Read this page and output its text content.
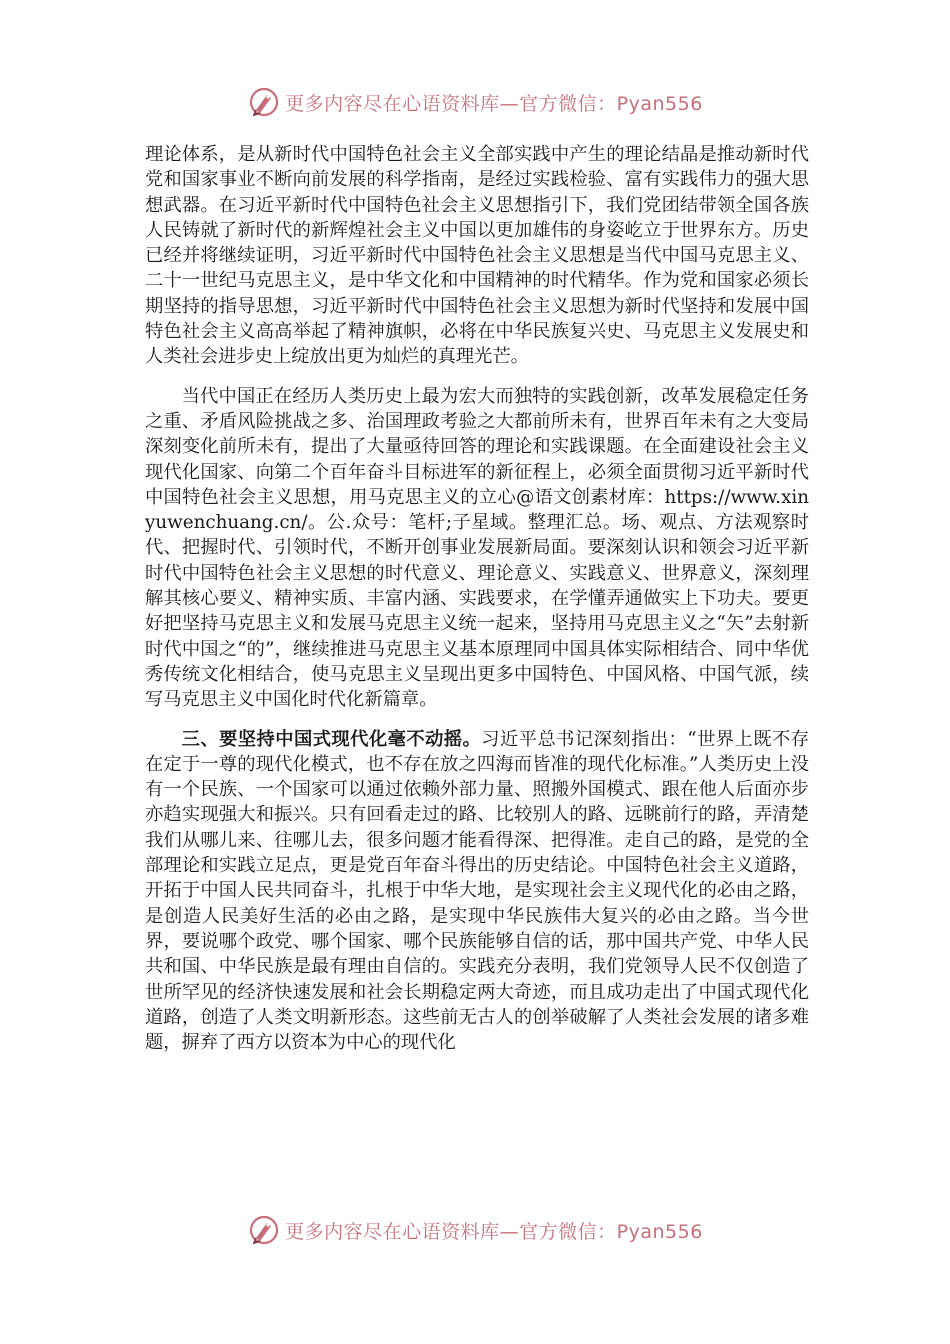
更多内容尽在心语资料库—官方微信：Pyan556

理论体系，是从新时代中国特色社会主义全部实践中产生的理论结晶是推动新时代党和国家事业不断向前发展的科学指南，是经过实践检验、富有实践伟力的强大思想武器。在习近平新时代中国特色社会主义思想指引下，我们党团结带领全国各族人民铸就了新时代的新辉煌社会主义中国以更加雄伟的身姿屹立于世界东方。历史已经并将继续证明，习近平新时代中国特色社会主义思想是当代中国马克思主义、二十一世纪马克思主义，是中华文化和中国精神的时代精华。作为党和国家必须长期坚持的指导思想，习近平新时代中国特色社会主义思想为新时代坚持和发展中国特色社会主义高高举起了精神旗帜，必将在中华民族复兴史、马克思主义发展史和人类社会进步史上绽放出更为灿烂的真理光芒。

当代中国正在经历人类历史上最为宏大而独特的实践创新，改革发展稳定任务之重、矛盾风险挑战之多、治国理政考验之大都前所未有，世界百年未有之大变局深刻变化前所未有，提出了大量亟待回答的理论和实践课题。在全面建设社会主义现代化国家、向第二个百年奋斗目标进军的新征程上，必须全面贯彻习近平新时代中国特色社会主义思想，用马克思主义的立心@语文创素材库：https://www.xinyuwenchuang.cn/。公.众号：笔杆;子星域。整理汇总。场、观点、方法观察时代、把握时代、引领时代，不断开创事业发展新局面。要深刻认识和领会习近平新时代中国特色社会主义思想的时代意义、理论意义、实践意义、世界意义，深刻理解其核心要义、精神实质、丰富内涵、实践要求，在学懂弄通做实上下功夫。要更好把坚持马克思主义和发展马克思主义统一起来，坚持用马克思主义之“矢”去射新时代中国之“的”，继续推进马克思主义基本原理同中国具体实际相结合、同中华优秀传统文化相结合，使马克思主义呈现出更多中国特色、中国风格、中国气派，续写马克思主义中国化时代化新篇章。

三、要坚持中国式现代化毫不动摇。习近平总书记深刻指出：“世界上既不存在定于一尊的现代化模式，也不存在放之四海而皆准的现代化标准。”人类历史上没有一个民族、一个国家可以通过依赖外部力量、照搬外国模式、跟在他人后面亦步亦趋实现强大和振兴。只有回看走过的路、比较别人的路、远眺前行的路，弄清楚我们从哪儿来、往哪儿去，很多问题才能看得深、把得准。走自己的路，是党的全部理论和实践立足点，更是党百年奋斗得出的历史结论。中国特色社会主义道路，开拓于中国人民共同奋斗，扎根于中华大地，是实现社会主义现代化的必由之路，是创造人民美好生活的必由之路，是实现中华民族伟大复兴的必由之路。当今世界，要说哪个政党、哪个国家、哪个民族能够自信的话，那中国共产党、中华人民共和国、中华民族是最有理由自信的。实践充分表明，我们党领导人民不仅创造了世所罕见的经济快速发展和社会长期稳定两大奇迹，而且成功走出了中国式现代化道路，创造了人类文明新形态。这些前无古人的创举破解了人类社会发展的诸多难题，摒弃了西方以资本为中心的现代化

更多内容尽在心语资料库—官方微信：Pyan556
